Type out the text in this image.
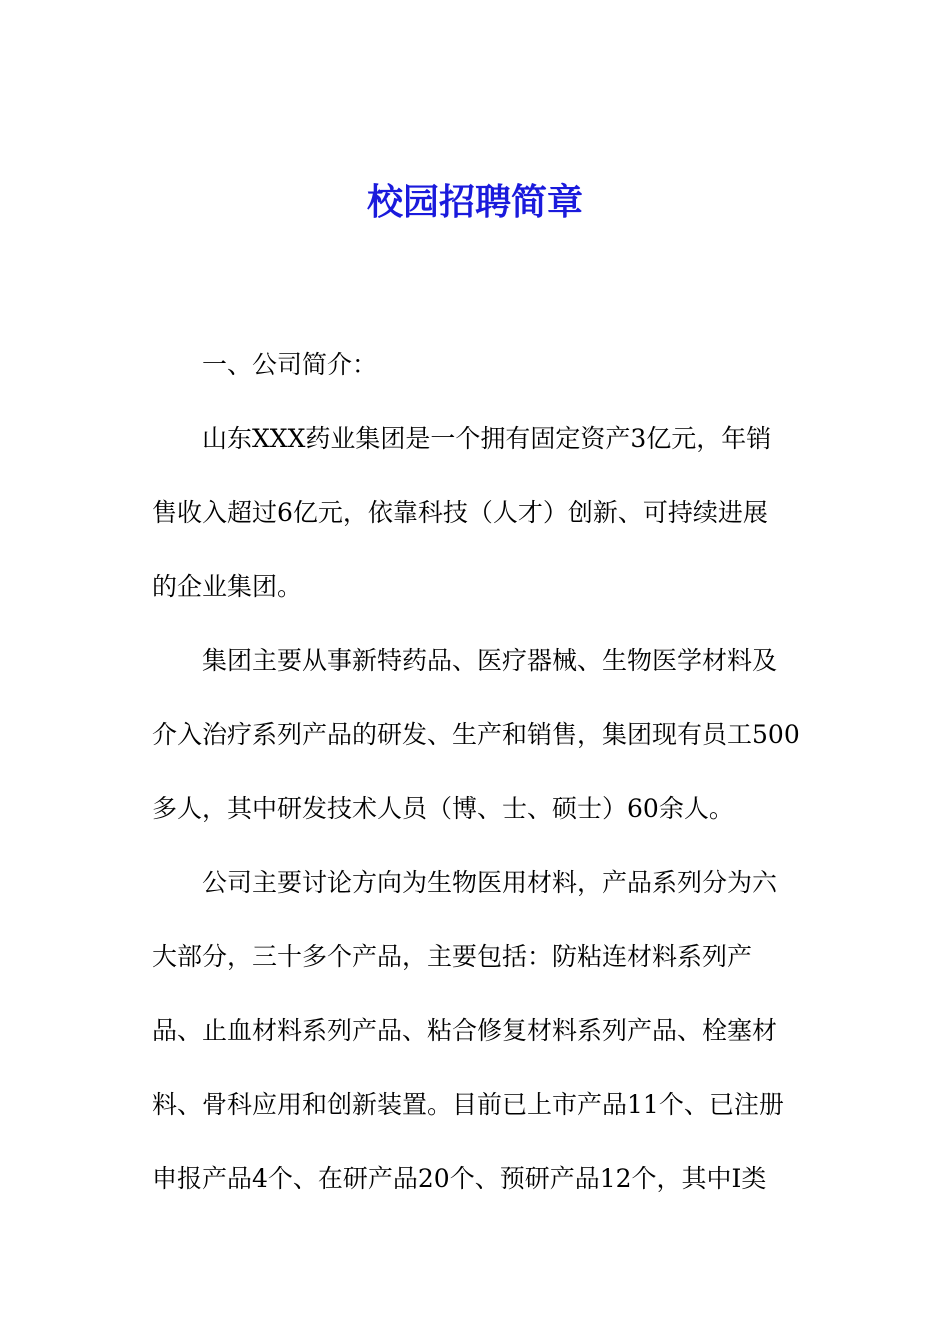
校园招聘简章

一、公司简介：

山东XXX药业集团是一个拥有固定资产3亿元，年销

售收入超过6亿元，依靠科技（人才）创新、可持续进展

的企业集团。

集团主要从事新特药品、医疗器械、生物医学材料及

介入治疗系列产品的研发、生产和销售，集团现有员工500

多人，其中研发技术人员（博、士、硕士）60余人。

公司主要讨论方向为生物医用材料，产品系列分为六

大部分，三十多个产品，主要包括：防粘连材料系列产

品、止血材料系列产品、粘合修复材料系列产品、栓塞材

料、骨科应用和创新装置。目前已上市产品11个、已注册

申报产品4个、在研产品20个、预研产品12个，其中I类
